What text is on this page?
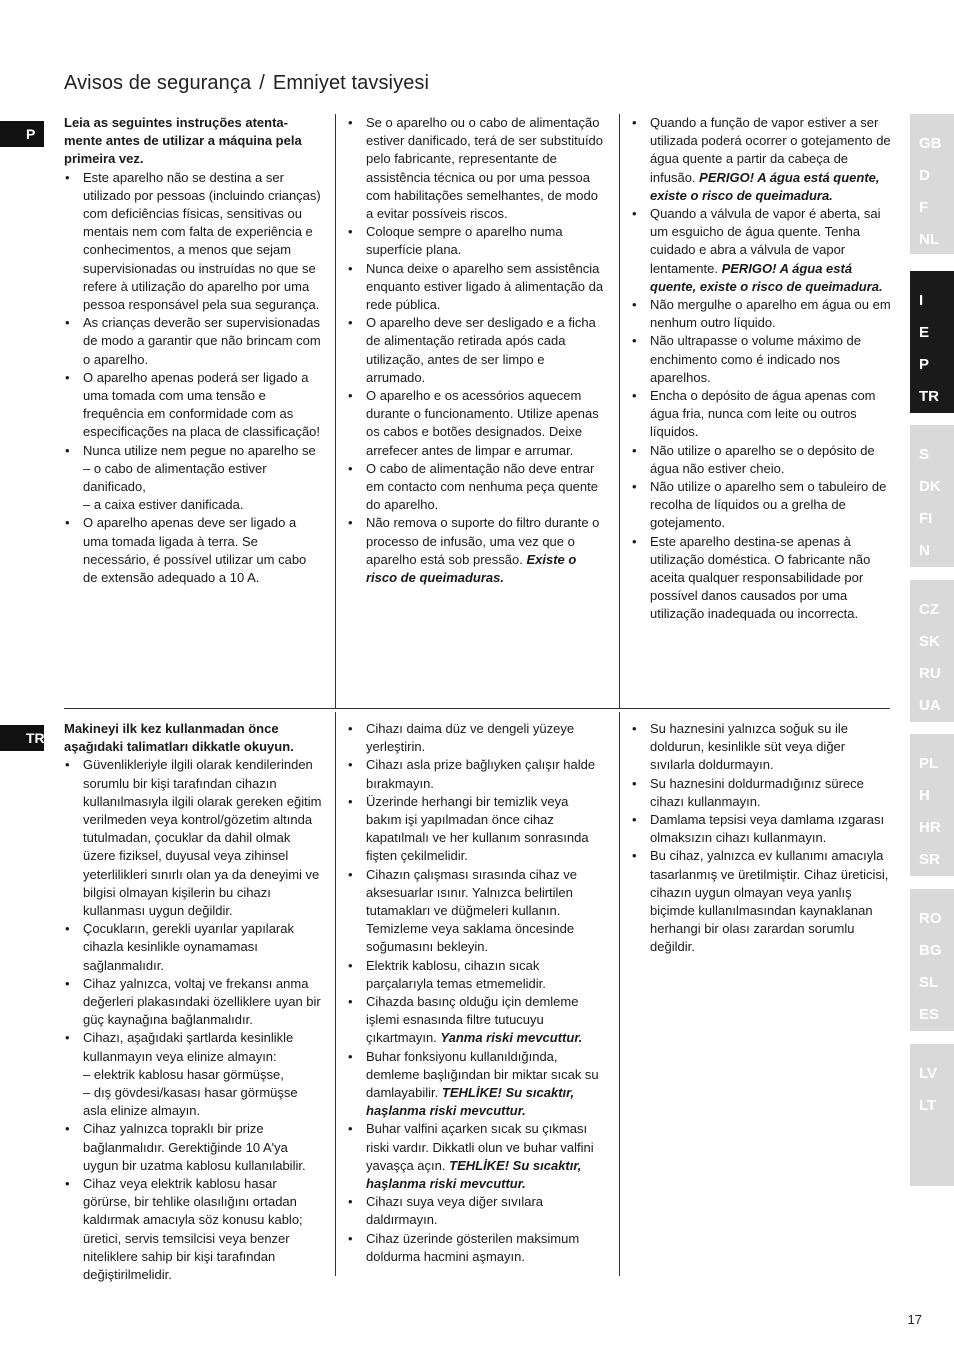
Avisos de segurança / Emniyet tavsiyesi
P
TR

Leia as seguintes instruções atenta-mente antes de utilizar a máquina pela primeira vez.

• Este aparelho não se destina a ser utilizado por pessoas (incluindo crianças) com deficiências físicas, sensitivas ou mentais nem com falta de experiência e conhecimentos, a menos que sejam supervisionadas ou instruídas no que se refere à utilização do aparelho por uma pessoa responsável pela sua segurança.
• As crianças deverão ser supervisionadas de modo a garantir que não brincam com o aparelho.
• O aparelho apenas poderá ser ligado a uma tomada com uma tensão e frequência em conformidade com as especificações na placa de classificação!
• Nunca utilize nem pegue no aparelho se
– o cabo de alimentação estiver danificado,
– a caixa estiver danificada.
• O aparelho apenas deve ser ligado a uma tomada ligada à terra. Se necessário, é possível utilizar um cabo de extensão adequado a 10 A.
• Se o aparelho ou o cabo de alimentação estiver danificado, terá de ser substituído pelo fabricante, representante de assistência técnica ou por uma pessoa com habilitações semelhantes, de modo a evitar possíveis riscos.
• Coloque sempre o aparelho numa superfície plana.
• Nunca deixe o aparelho sem assistência enquanto estiver ligado à alimentação da rede pública.
• O aparelho deve ser desligado e a ficha de alimentação retirada após cada utilização, antes de ser limpo e arrumado.
• O aparelho e os acessórios aquecem durante o funcionamento. Utilize apenas os cabos e botões designados. Deixe arrefecer antes de limpar e arrumar.
• O cabo de alimentação não deve entrar em contacto com nenhuma peça quente do aparelho.
• Não remova o suporte do filtro durante o processo de infusão, uma vez que o aparelho está sob pressão. Existe o risco de queimaduras.
• Quando a função de vapor estiver a ser utilizada poderá ocorrer o gotejamento de água quente a partir da cabeça de infusão. PERIGO! A água está quente, existe o risco de queimadura.
• Quando a válvula de vapor é aberta, sai um esguicho de água quente. Tenha cuidado e abra a válvula de vapor lentamente. PERIGO! A água está quente, existe o risco de queimadura.
• Não mergulhe o aparelho em água ou em nenhum outro líquido.
• Não ultrapasse o volume máximo de enchimento como é indicado nos aparelhos.
• Encha o depósito de água apenas com água fria, nunca com leite ou outros líquidos.
• Não utilize o aparelho se o depósito de água não estiver cheio.
• Não utilize o aparelho sem o tabuleiro de recolha de líquidos ou a grelha de gotejamento.
• Este aparelho destina-se apenas à utilização doméstica. O fabricante não aceita qualquer responsabilidade por possível danos causados por uma utilização inadequada ou incorrecta.

Makineyi ilk kez kullanmadan önce aşağıdaki talimatları dikkatle okuyun.

• Güvenlikleriyle ilgili olarak kendilerinden sorumlu bir kişi tarafından cihazın kullanılmasıyla ilgili olarak gereken eğitim verilmeden veya kontrol/gözetim altında tutulmadan, çocuklar da dahil olmak üzere fiziksel, duyusal veya zihinsel yeterlilikleri sınırlı olan ya da deneyimi ve bilgisi olmayan kişilerin bu cihazı kullanması uygun değildir.
• Çocukların, gerekli uyarılar yapılarak cihazla kesinlikle oynamaması sağlanmalıdır.
• Cihaz yalnızca, voltaj ve frekansı anma değerleri plakasındaki özelliklere uyan bir güç kaynağına bağlanmalıdır.
• Cihazı, aşağıdaki şartlarda kesinlikle kullanmayın veya elinize almayın:
– elektrik kablosu hasar görmüşse,
– dış gövdesi/kasası hasar görmüşse asla elinize almayın.
• Cihaz yalnızca topraklı bir prize bağlanmalıdır. Gerektiğinde 10 A'ya uygun bir uzatma kablosu kullanılabilir.
• Cihaz veya elektrik kablosu hasar görürse, bir tehlike olasılığını ortadan kaldırmak amacıyla söz konusu kablo; üretici, servis temsilcisi veya benzer niteliklere sahip bir kişi tarafından değiştirilmelidir.
• Cihazı daima düz ve dengeli yüzeye yerleştirin.
• Cihazı asla prize bağlıyken çalışır halde bırakmayın.
• Üzerinde herhangi bir temizlik veya bakım işi yapılmadan önce cihaz kapatılmalı ve her kullanım sonrasında fişten çekilmelidir.
• Cihazın çalışması sırasında cihaz ve aksesuarlar ısınır. Yalnızca belirtilen tutamakları ve düğmeleri kullanın. Temizleme veya saklama öncesinde soğumasını bekleyin.
• Elektrik kablosu, cihazın sıcak parçalarıyla temas etmemelidir.
• Cihazda basınç olduğu için demleme işlemi esnasında filtre tutucuyu çıkartmayın. Yanma riski mevcuttur.
• Buhar fonksiyonu kullanıldığında, demleme başlığından bir miktar sıcak su damlayabilir. TEHLİKE! Su sıcaktır, haşlanma riski mevcuttur.
• Buhar valfini açarken sıcak su çıkması riski vardır. Dikkatli olun ve buhar valfini yavaşça açın. TEHLİKE! Su sıcaktır, haşlanma riski mevcuttur.
• Cihazı suya veya diğer sıvılara daldırmayın.
• Cihaz üzerinde gösterilen maksimum doldurma hacmini aşmayın.
• Su haznesini yalnızca soğuk su ile doldurun, kesinlikle süt veya diğer sıvılarla doldurmayın.
• Su haznesini doldurmadığınız sürece cihazı kullanmayın.
• Damlama tepsisi veya damlama ızgarası olmaksızın cihazı kullanmayın.
• Bu cihaz, yalnızca ev kullanımı amacıyla tasarlanmış ve üretilmiştir. Cihaz üreticisi, cihazın uygun olmayan veya yanlış biçimde kullanılmasından kaynaklanan herhangi bir olası zarardan sorumlu değildir.
GB
D
F
NL
I
E
P
TR
S
DK
FI
N
CZ
SK
RU
UA
PL
H
HR
SR
RO
BG
SL
ES
LV
LT
17
